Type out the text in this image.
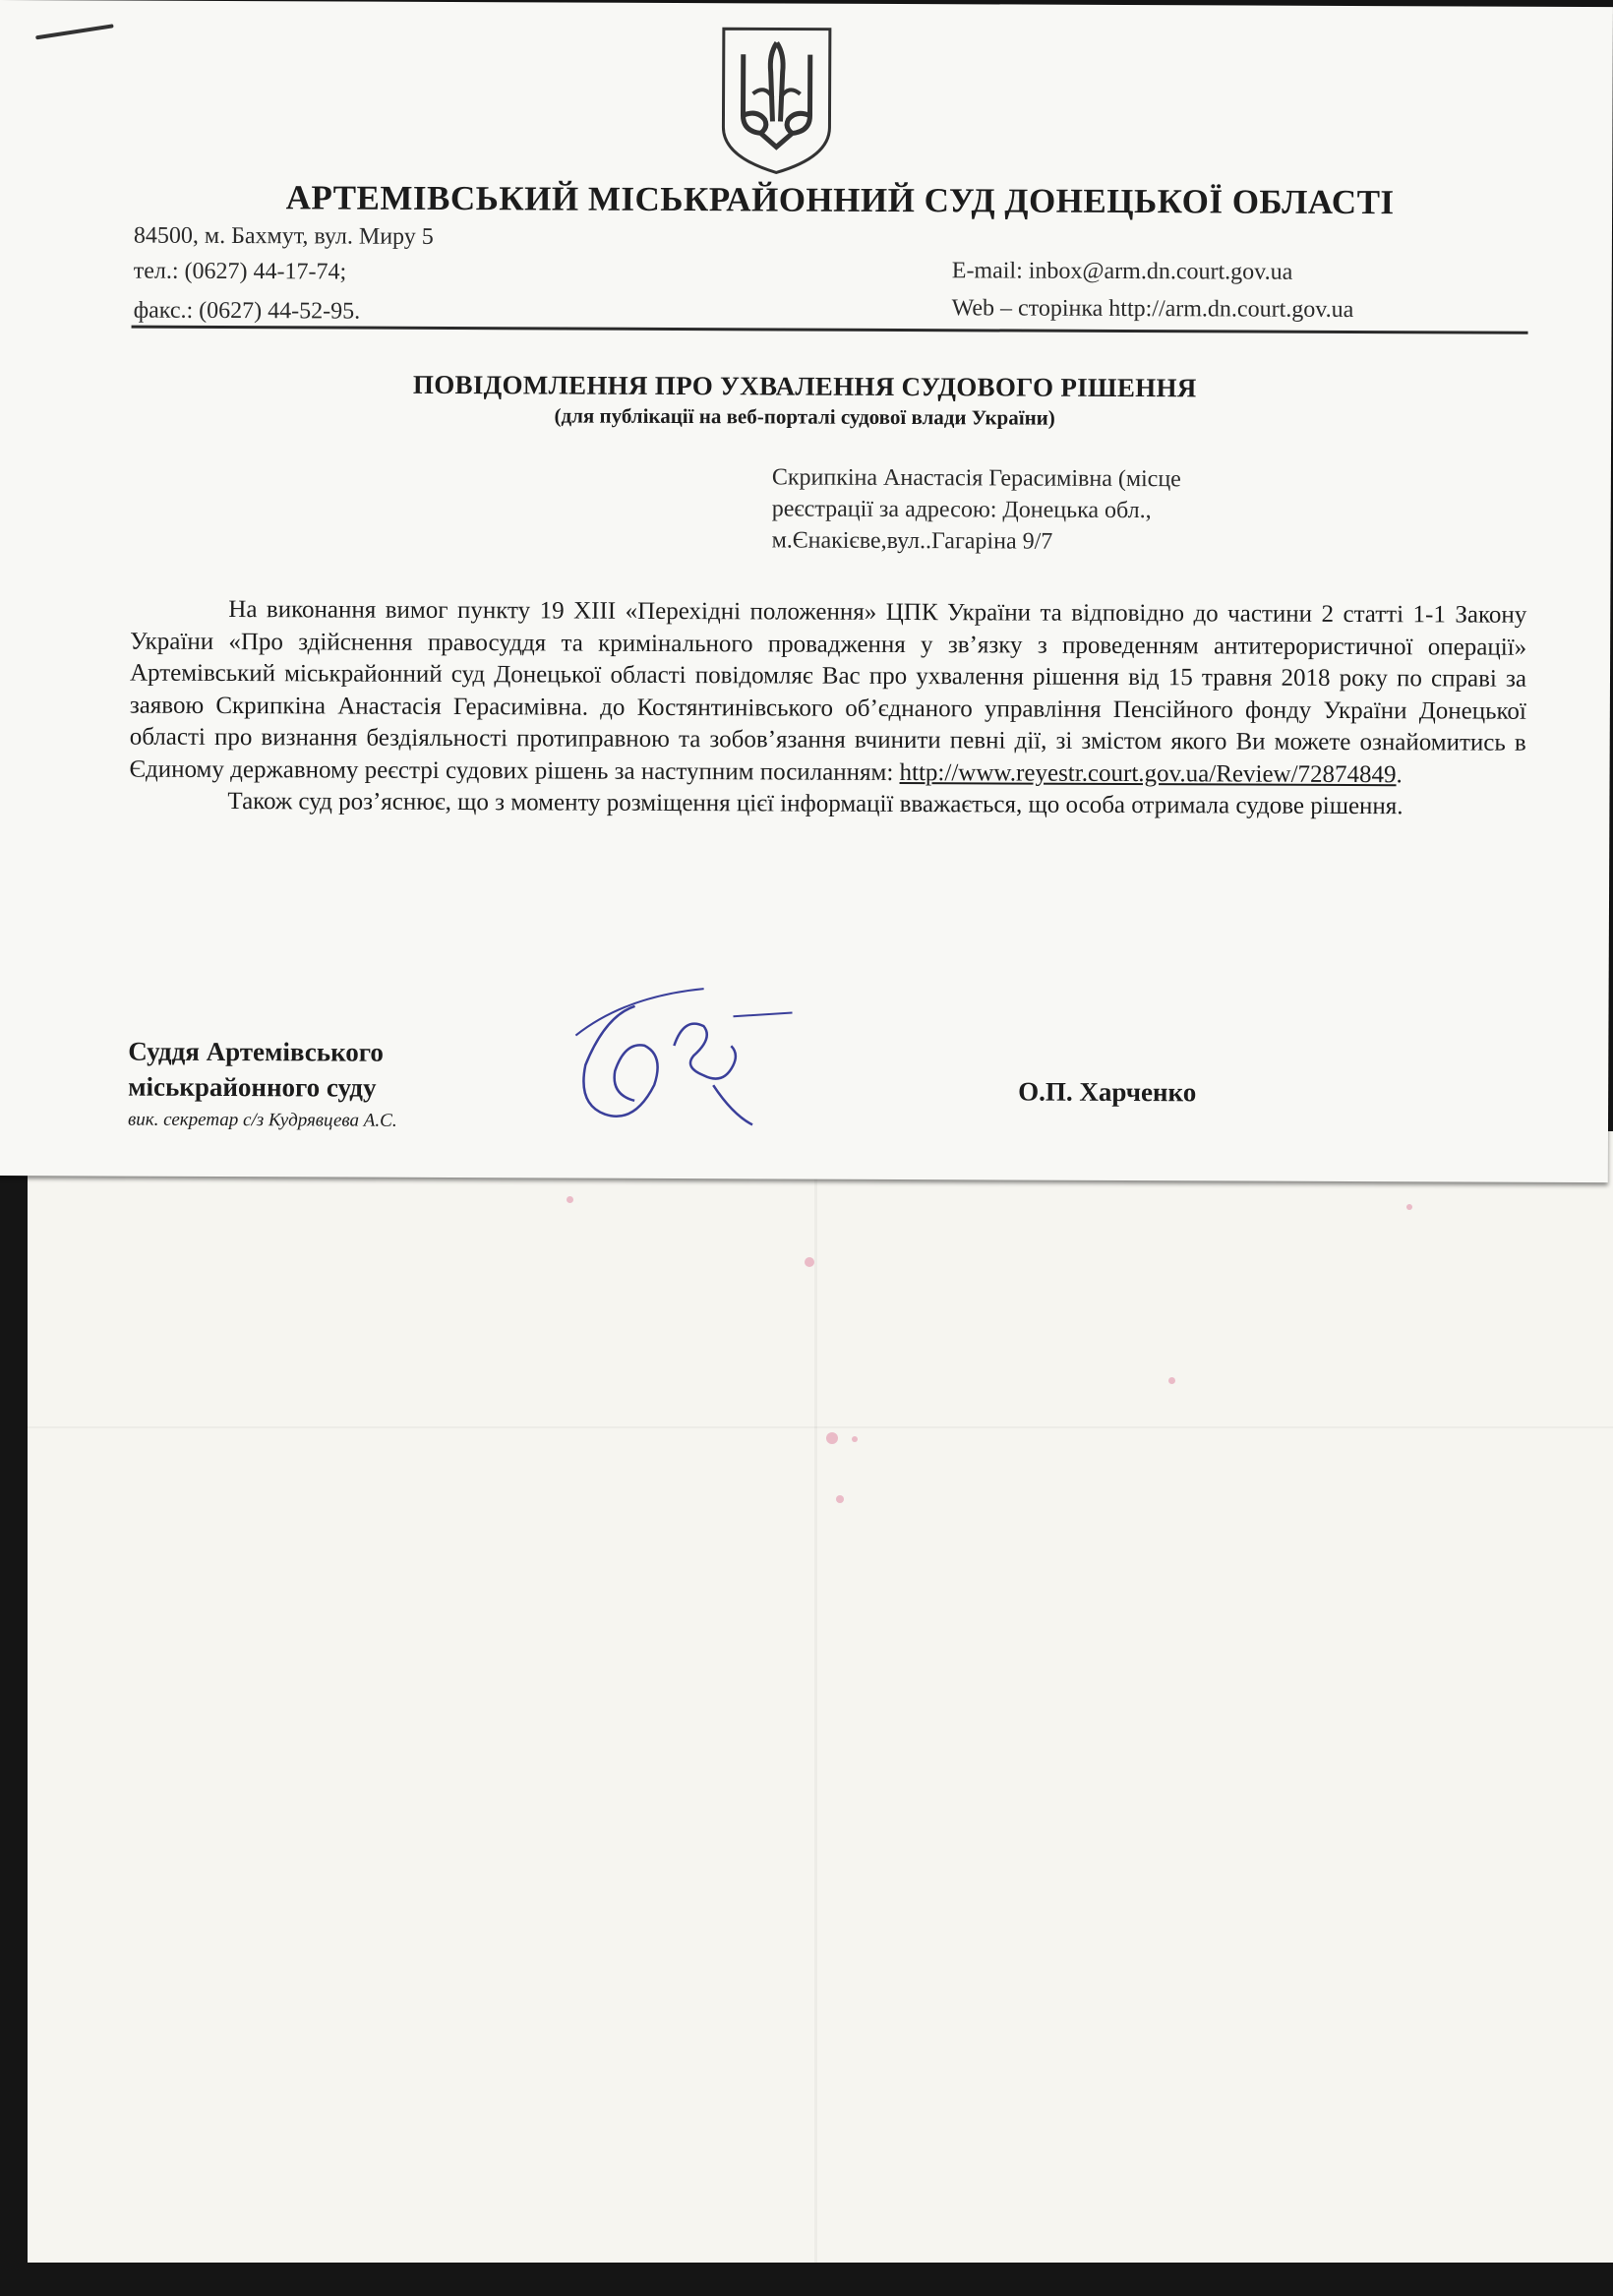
АРТЕМІВСЬКИЙ МІСЬКРАЙОННИЙ СУД ДОНЕЦЬКОЇ ОБЛАСТІ
84500, м. Бахмут, вул. Миру 5
тел.: (0627) 44-17-74;
факс.: (0627) 44-52-95.
E-mail: inbox@arm.dn.court.gov.ua
Web – сторінка http://arm.dn.court.gov.ua
ПОВІДОМЛЕННЯ ПРО УХВАЛЕННЯ СУДОВОГО РІШЕННЯ
(для публікації на веб-порталі судової влади України)
Скрипкіна Анастасія Герасимівна (місце
реєстрації за адресою: Донецька обл.,
м.Єнакієве,вул..Гагаріна 9/7

На виконання вимог пункту 19 XIII «Перехідні положення» ЦПК України та відповідно до частини 2 статті 1-1 Закону України «Про здійснення правосуддя та кримінального провадження у зв’язку з проведенням антитерористичної операції» Артемівський міськрайонний суд Донецької області повідомляє Вас про ухвалення рішення від 15 травня 2018 року по справі за заявою Скрипкіна Анастасія Герасимівна. до Костянтинівського об’єднаного управління Пенсійного фонду України Донецької області про визнання бездіяльності протиправною та зобов’язання вчинити певні дії, зі змістом якого Ви можете ознайомитись в Єдиному державному реєстрі судових рішень за наступним посиланням: http://www.reyestr.court.gov.ua/Review/72874849.

Також суд роз’яснює, що з моменту розміщення цієї інформації вважається, що особа отримала судове рішення.

Суддя Артемівського
міськрайонного суду
вик. секретар с/з Кудрявцева А.С.
О.П. Харченко
